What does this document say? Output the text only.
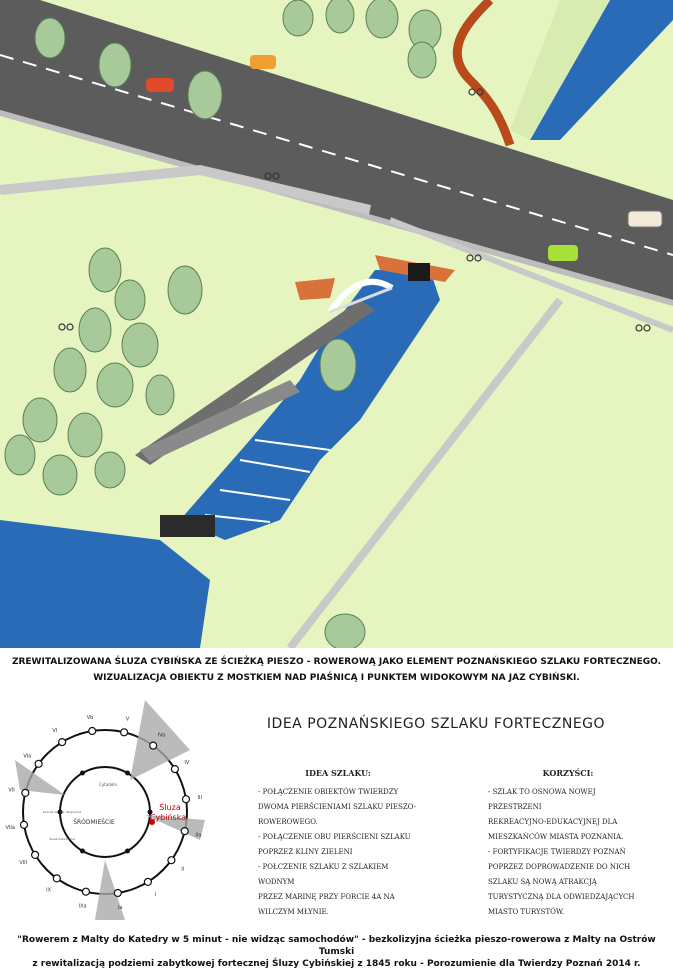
ZREWITALIZOWANA ŚLUZA CYBIŃSKA ZE ŚCIEŻKĄ PIESZO - ROWEROWĄ JAKO ELEMENT POZNAŃSKIEGO SZLAKU FORTECZNEGO.
WIZUALIZACJA OBIEKTU Z MOSTKIEM NAD PIAŚNICĄ I PUNKTEM WIDOKOWYM NA JAZ CYBIŃSKI.
VI
Vb	V
IVa
IV
III
IIa
II
I
Ia
IXa
IX
VIII
VIIa
VII
VIa
ŚRÓDMIEŚCIE
Cytadela
Kościół pw. Św. Wojciecha
Śluza Katedralna
Śluza
Cybińska
IDEA POZNAŃSKIEGO SZLAKU FORTECZNEGO
IDEA SZLAKU:
- POŁĄCZENIE OBIEKTÓW TWIERDZY
DWOMA PIERŚCIENIAMI SZLAKU PIESZO-
ROWEROWEGO.
- POŁĄCZENIE OBU PIERŚCIENI SZLAKU
POPRZEZ KLINY ZIELENI
- POŁCZENIE SZLAKU Z SZLAKIEM WODNYM
PRZEZ MARINĘ PRZY FORCIE 4A NA
WILCZYM MŁYNIE.
KORZYŚCI:
- SZLAK TO OSNOWA NOWEJ PRZESTRZENI
REKREACYJNO-EDUKACYJNEJ DLA
MIESZKAŃCÓW MIASTA POZNANIA.
- FORTYFIKACJE TWIERDZY POZNAŃ
POPRZEZ DOPROWADZENIE DO NICH
SZLAKU SĄ NOWĄ ATRAKCJĄ
TURYSTYCZNĄ DLA ODWIEDZAJĄCYCH
MIASTO TURYSTÓW.
"Rowerem z Malty do Katedry w 5 minut - nie widząc samochodów" - bezkolizyjna ścieżka pieszo-rowerowa z Malty na Ostrów Tumski
z rewitalizacją podziemi zabytkowej fortecznej Śluzy Cybińskiej z 1845 roku - Porozumienie dla Twierdzy Poznań 2014 r.
